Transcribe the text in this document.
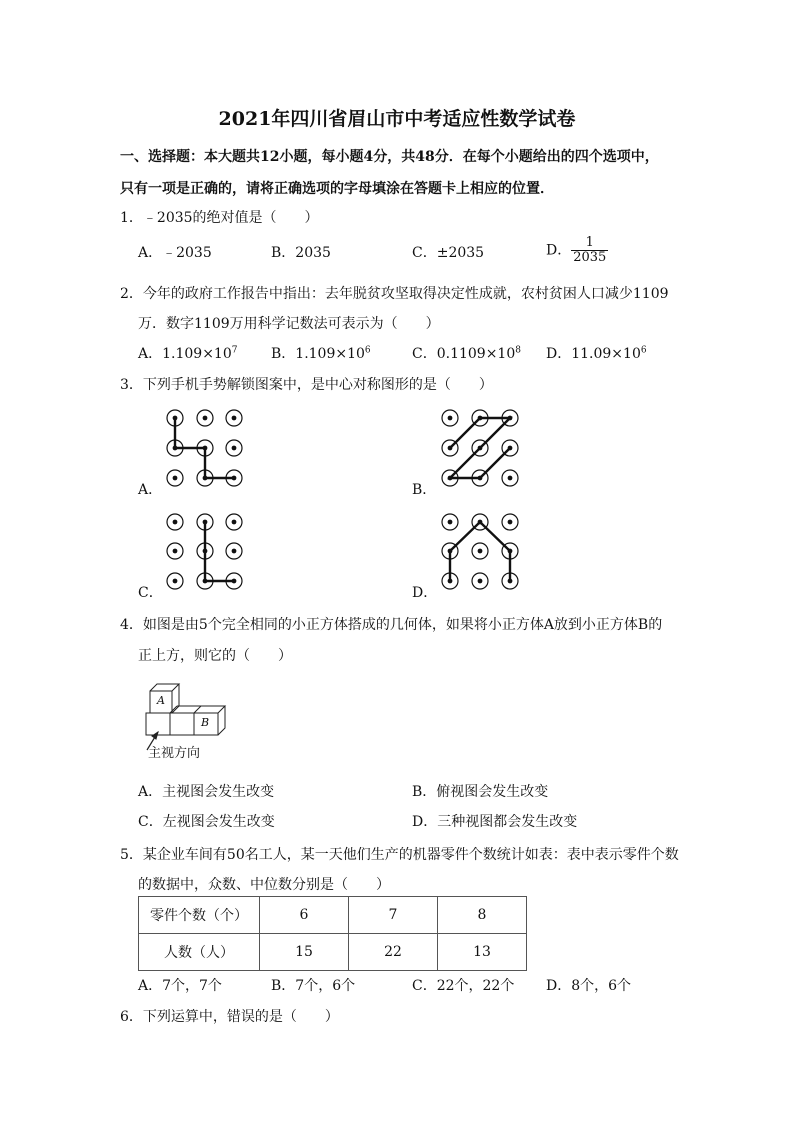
2021年四川省眉山市中考适应性数学试卷
一、选择题：本大题共12小题，每小题4分，共48分．在每个小题给出的四个选项中，
只有一项是正确的，请将正确选项的字母填涂在答题卡上相应的位置．
1．﹣2035的绝对值是（　　）
A．﹣2035	B．2035	C．±2035	D． $\frac{1}{2035}$
2．今年的政府工作报告中指出：去年脱贫攻坚取得决定性成就，农村贫困人口减少1109
万．数字1109万用科学记数法可表示为（　　）
A．$1.109\times 10^7$ B．$1.109\times 10^6$	C．$0.1109\times 10^8$ D．$11.09\times 10^6$
3．下列手机手势解锁图案中，是中心对称图形的是（　　）
A．	B．
C．	D．
4．如图是由5个完全相同的小正方体搭成的几何体，如果将小正方体A放到小正方体B的
正上方，则它的（　　）
A
B
主视方向
A．主视图会发生改变	B．俯视图会发生改变
C．左视图会发生改变	D．三种视图都会发生改变
5．某企业车间有50名工人，某一天他们生产的机器零件个数统计如表：表中表示零件个数
的数据中，众数、中位数分别是（　　）
零件个数（个）	6	7	8
人数（人）	15	22	13
A．7个，7个	B．7个，6个	C．22个，22个 D．8个，6个
6．下列运算中，错误的是（　　）
